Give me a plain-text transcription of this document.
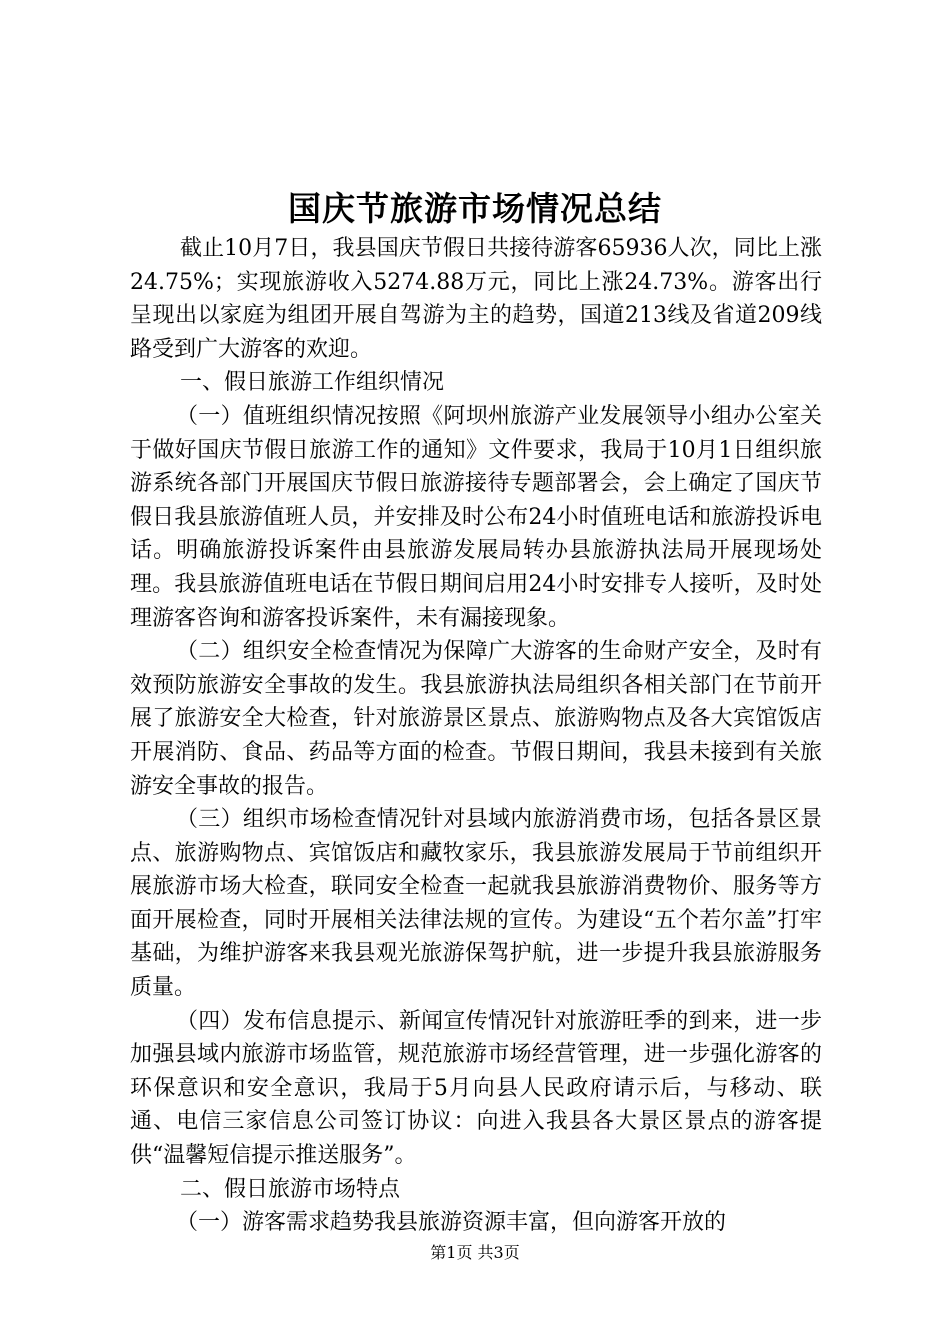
国庆节旅游市场情况总结

截止10月7日，我县国庆节假日共接待游客65936人次，同比上涨24.75%；实现旅游收入5274.88万元，同比上涨24.73%。游客出行呈现出以家庭为组团开展自驾游为主的趋势，国道213线及省道209线路受到广大游客的欢迎。

一、假日旅游工作组织情况

（一）值班组织情况按照《阿坝州旅游产业发展领导小组办公室关于做好国庆节假日旅游工作的通知》文件要求，我局于10月1日组织旅游系统各部门开展国庆节假日旅游接待专题部署会，会上确定了国庆节假日我县旅游值班人员，并安排及时公布24小时值班电话和旅游投诉电话。明确旅游投诉案件由县旅游发展局转办县旅游执法局开展现场处理。我县旅游值班电话在节假日期间启用24小时安排专人接听，及时处理游客咨询和游客投诉案件，未有漏接现象。

（二）组织安全检查情况为保障广大游客的生命财产安全，及时有效预防旅游安全事故的发生。我县旅游执法局组织各相关部门在节前开展了旅游安全大检查，针对旅游景区景点、旅游购物点及各大宾馆饭店开展消防、食品、药品等方面的检查。节假日期间，我县未接到有关旅游安全事故的报告。

（三）组织市场检查情况针对县域内旅游消费市场，包括各景区景点、旅游购物点、宾馆饭店和藏牧家乐，我县旅游发展局于节前组织开展旅游市场大检查，联同安全检查一起就我县旅游消费物价、服务等方面开展检查，同时开展相关法律法规的宣传。为建设“五个若尔盖”打牢基础，为维护游客来我县观光旅游保驾护航，进一步提升我县旅游服务质量。

（四）发布信息提示、新闻宣传情况针对旅游旺季的到来，进一步加强县域内旅游市场监管，规范旅游市场经营管理，进一步强化游客的环保意识和安全意识，我局于5月向县人民政府请示后，与移动、联通、电信三家信息公司签订协议：向进入我县各大景区景点的游客提供“温馨短信提示推送服务”。

二、假日旅游市场特点

（一）游客需求趋势我县旅游资源丰富，但向游客开放的

第1页 共3页
